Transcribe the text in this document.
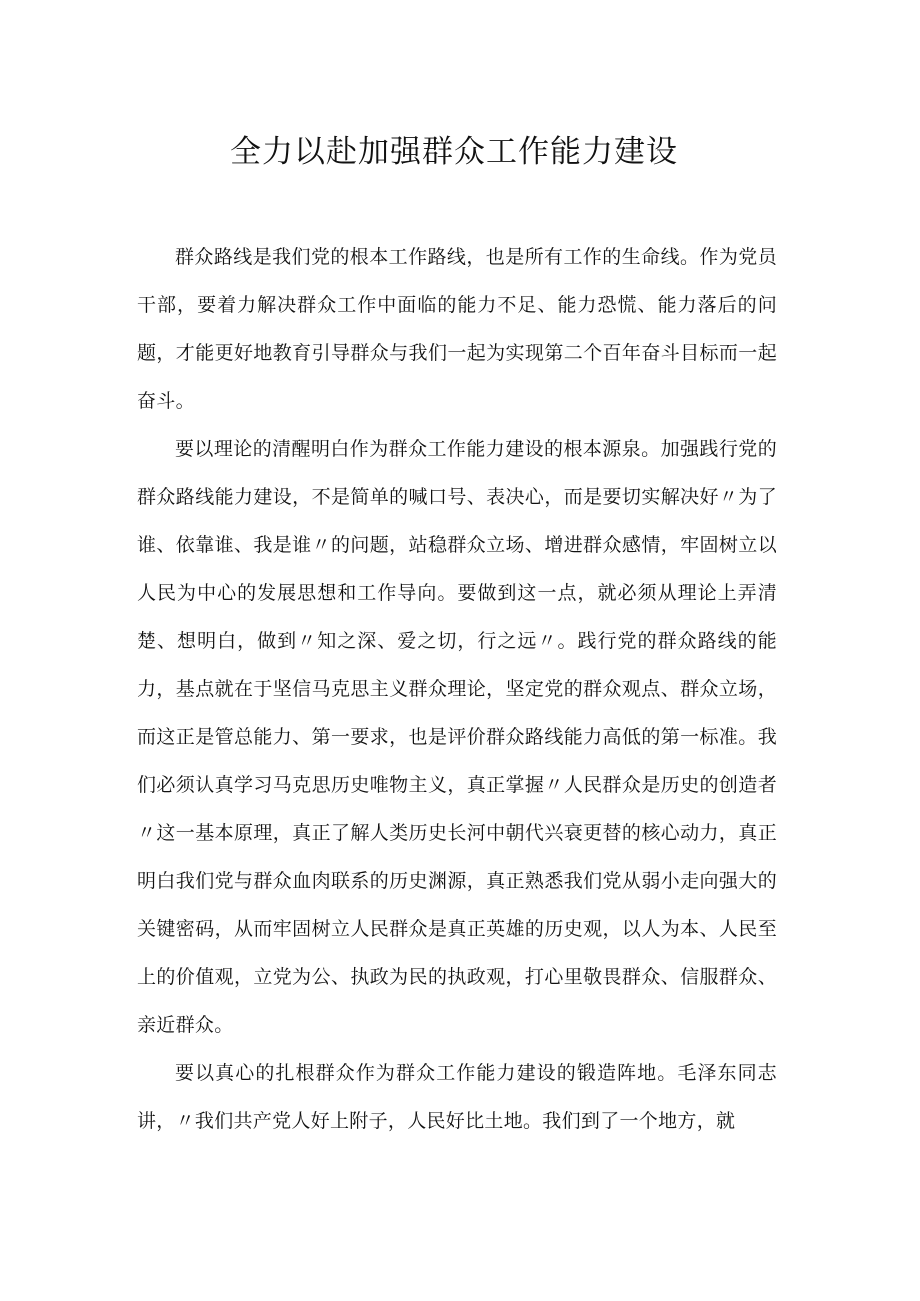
全力以赴加强群众工作能力建设

群众路线是我们党的根本工作路线，也是所有工作的生命线。作为党员干部，要着力解决群众工作中面临的能力不足、能力恐慌、能力落后的问题，才能更好地教育引导群众与我们一起为实现第二个百年奋斗目标而一起奋斗。

要以理论的清醒明白作为群众工作能力建设的根本源泉。加强践行党的群众路线能力建设，不是简单的喊口号、表决心，而是要切实解决好〃为了谁、依靠谁、我是谁〃的问题，站稳群众立场、增进群众感情，牢固树立以人民为中心的发展思想和工作导向。要做到这一点，就必须从理论上弄清楚、想明白，做到〃知之深、爱之切，行之远〃。践行党的群众路线的能力，基点就在于坚信马克思主义群众理论，坚定党的群众观点、群众立场，而这正是管总能力、第一要求，也是评价群众路线能力高低的第一标准。我们必须认真学习马克思历史唯物主义，真正掌握〃人民群众是历史的创造者〃这一基本原理，真正了解人类历史长河中朝代兴衰更替的核心动力，真正明白我们党与群众血肉联系的历史渊源，真正熟悉我们党从弱小走向强大的关键密码，从而牢固树立人民群众是真正英雄的历史观，以人为本、人民至上的价值观，立党为公、执政为民的执政观，打心里敬畏群众、信服群众、亲近群众。

要以真心的扎根群众作为群众工作能力建设的锻造阵地。毛泽东同志讲，〃我们共产党人好上附子，人民好比土地。我们到了一个地方，就
